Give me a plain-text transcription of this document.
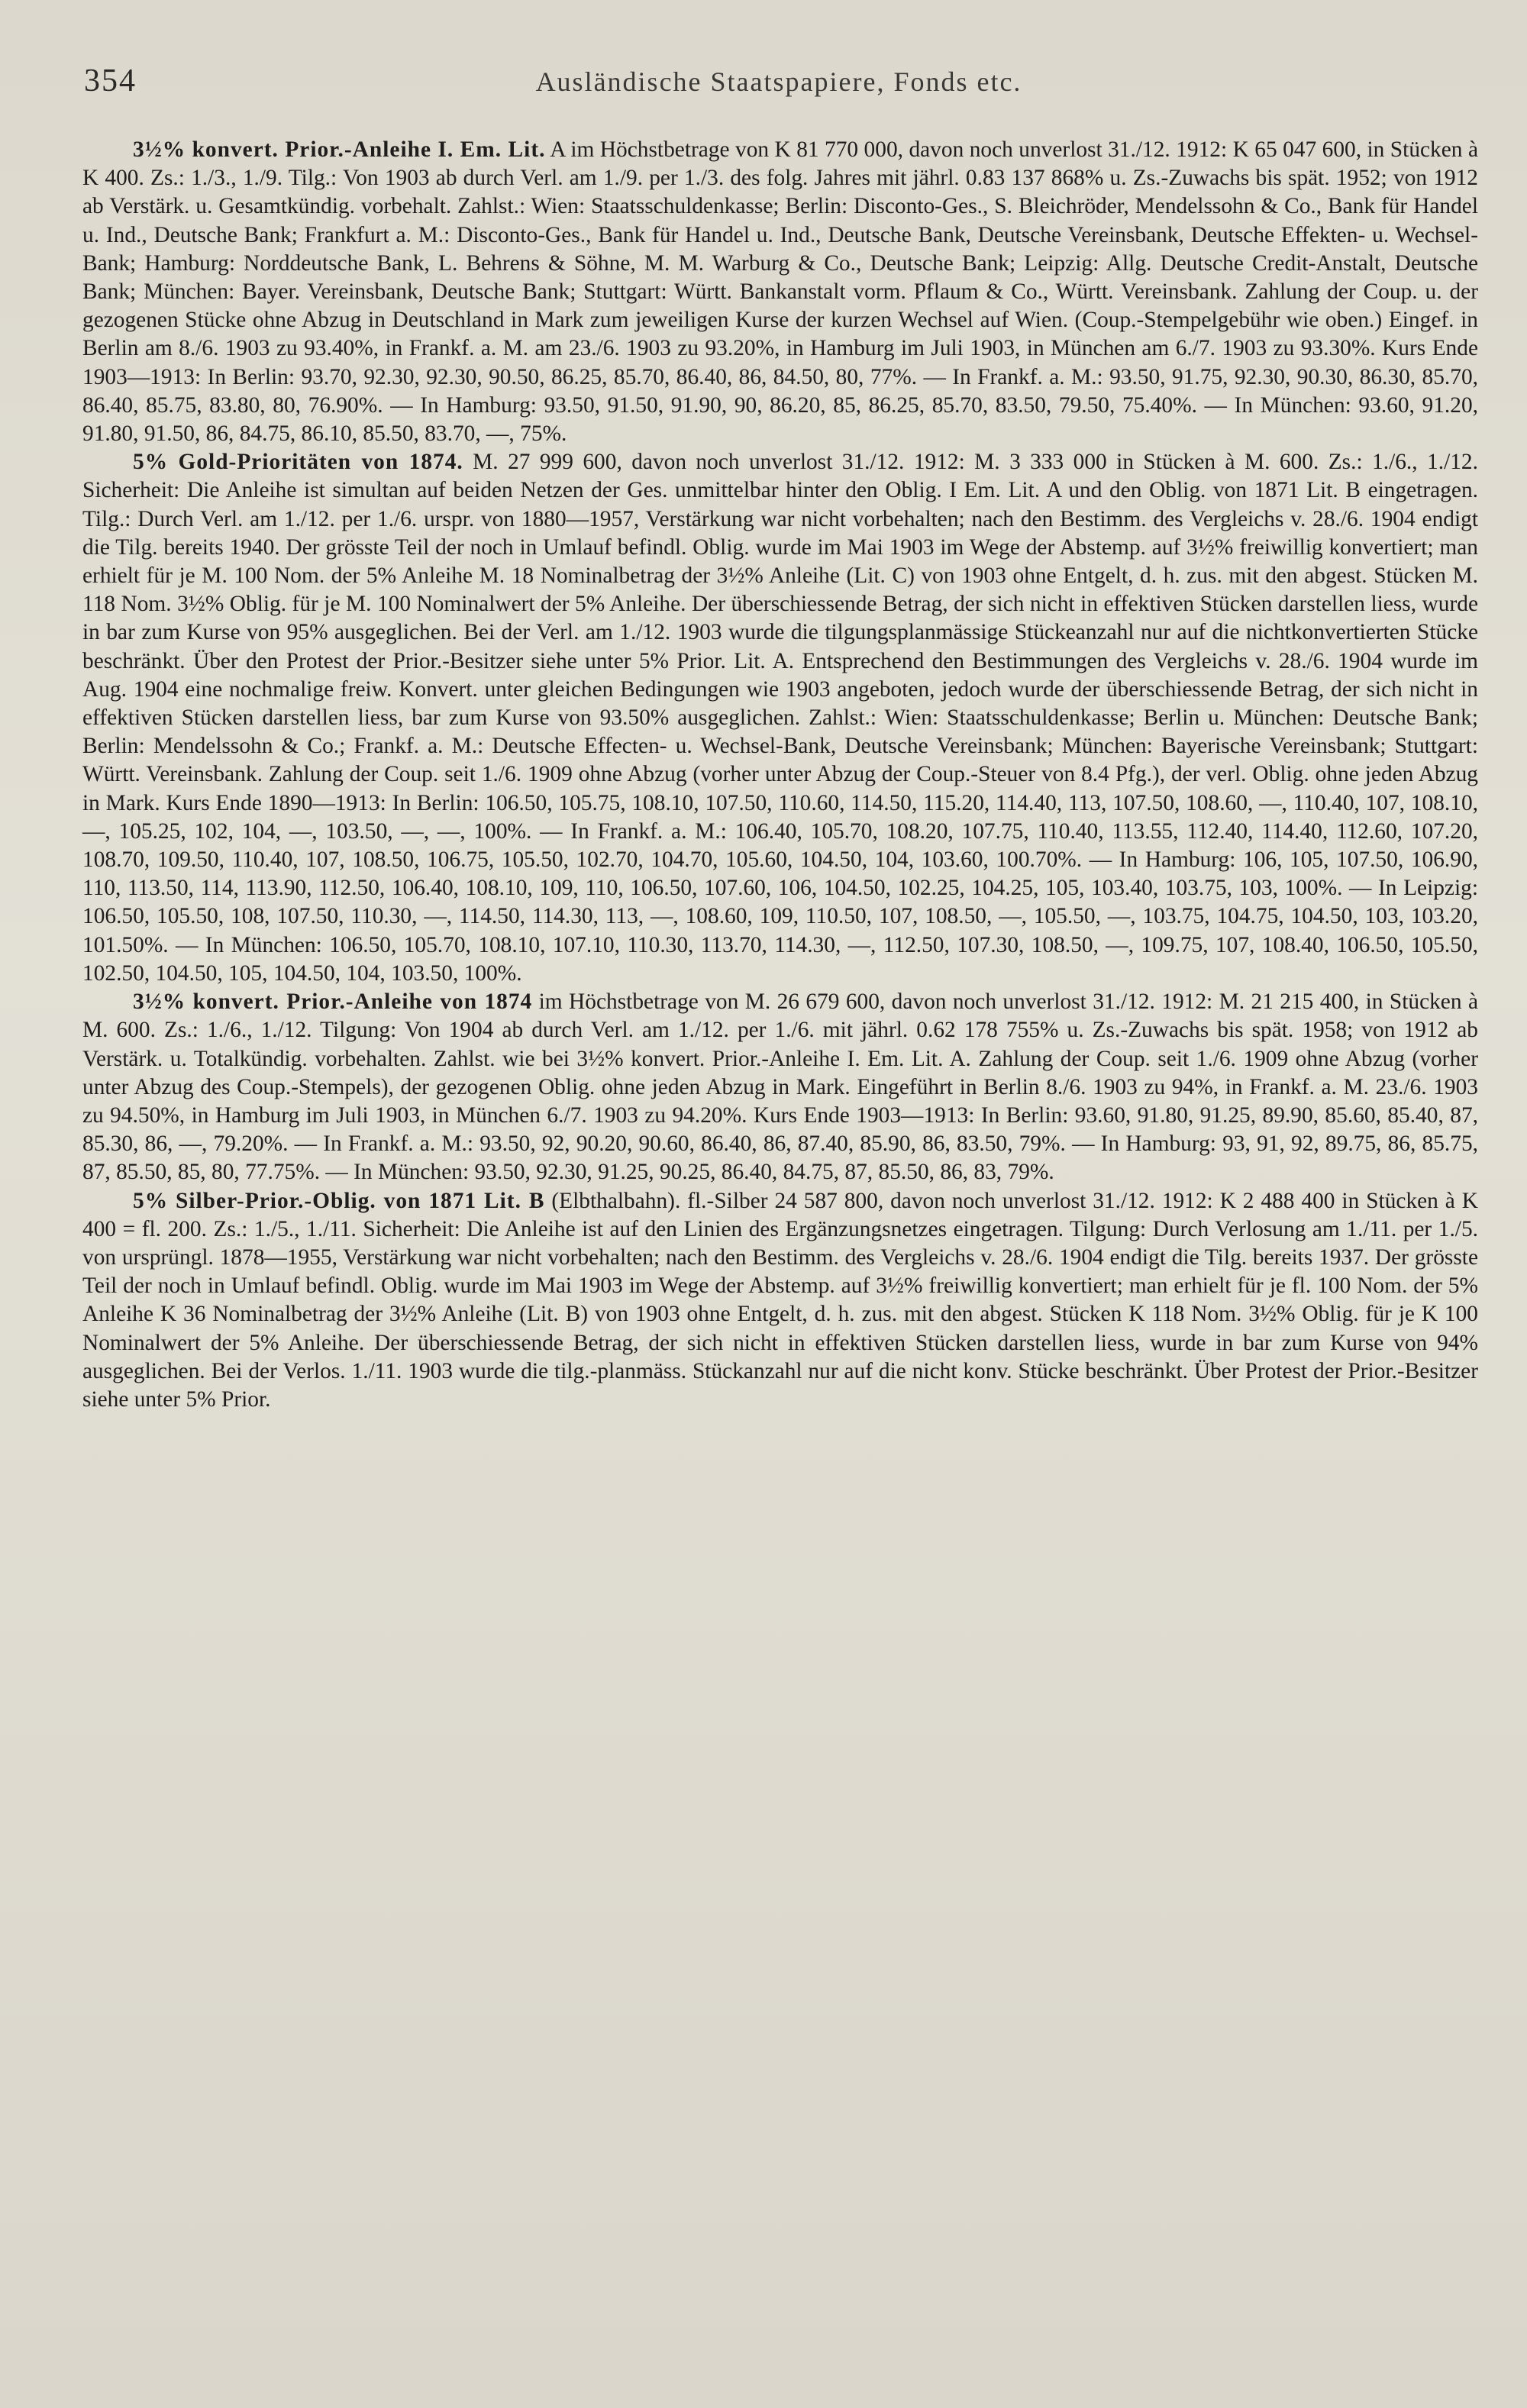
354	Ausländische Staatspapiere, Fonds etc.

3½% konvert. Prior.-Anleihe I. Em. Lit. A im Höchstbetrage von K 81 770 000, davon noch unverlost 31./12. 1912: K 65 047 600, in Stücken à K 400. Zs.: 1./3., 1./9. Tilg.: Von 1903 ab durch Verl. am 1./9. per 1./3. des folg. Jahres mit jährl. 0.83 137 868% u. Zs.-Zuwachs bis spät. 1952; von 1912 ab Verstärk. u. Gesamtkündig. vorbehalt. Zahlst.: Wien: Staatsschuldenkasse; Berlin: Disconto-Ges., S. Bleichröder, Mendelssohn & Co., Bank für Handel u. Ind., Deutsche Bank; Frankfurt a. M.: Disconto-Ges., Bank für Handel u. Ind., Deutsche Bank, Deutsche Vereinsbank, Deutsche Effekten- u. Wechsel-Bank; Hamburg: Norddeutsche Bank, L. Behrens & Söhne, M. M. Warburg & Co., Deutsche Bank; Leipzig: Allg. Deutsche Credit-Anstalt, Deutsche Bank; München: Bayer. Vereinsbank, Deutsche Bank; Stuttgart: Württ. Bankanstalt vorm. Pflaum & Co., Württ. Vereinsbank. Zahlung der Coup. u. der gezogenen Stücke ohne Abzug in Deutschland in Mark zum jeweiligen Kurse der kurzen Wechsel auf Wien. (Coup.-Stempelgebühr wie oben.) Eingef. in Berlin am 8./6. 1903 zu 93.40%, in Frankf. a. M. am 23./6. 1903 zu 93.20%, in Hamburg im Juli 1903, in München am 6./7. 1903 zu 93.30%. Kurs Ende 1903—1913: In Berlin: 93.70, 92.30, 92.30, 90.50, 86.25, 85.70, 86.40, 86, 84.50, 80, 77%. — In Frankf. a. M.: 93.50, 91.75, 92.30, 90.30, 86.30, 85.70, 86.40, 85.75, 83.80, 80, 76.90%. — In Hamburg: 93.50, 91.50, 91.90, 90, 86.20, 85, 86.25, 85.70, 83.50, 79.50, 75.40%. — In München: 93.60, 91.20, 91.80, 91.50, 86, 84.75, 86.10, 85.50, 83.70, —, 75%.

5% Gold-Prioritäten von 1874. M. 27 999 600, davon noch unverlost 31./12. 1912: M. 3 333 000 in Stücken à M. 600. Zs.: 1./6., 1./12. Sicherheit: Die Anleihe ist simultan auf beiden Netzen der Ges. unmittelbar hinter den Oblig. I Em. Lit. A und den Oblig. von 1871 Lit. B eingetragen. Tilg.: Durch Verl. am 1./12. per 1./6. urspr. von 1880—1957, Verstärkung war nicht vorbehalten; nach den Bestimm. des Vergleichs v. 28./6. 1904 endigt die Tilg. bereits 1940. Der grösste Teil der noch in Umlauf befindl. Oblig. wurde im Mai 1903 im Wege der Abstemp. auf 3½% freiwillig konvertiert; man erhielt für je M. 100 Nom. der 5% Anleihe M. 18 Nominalbetrag der 3½% Anleihe (Lit. C) von 1903 ohne Entgelt, d. h. zus. mit den abgest. Stücken M. 118 Nom. 3½% Oblig. für je M. 100 Nominalwert der 5% Anleihe. Der überschiessende Betrag, der sich nicht in effektiven Stücken darstellen liess, wurde in bar zum Kurse von 95% ausgeglichen. Bei der Verl. am 1./12. 1903 wurde die tilgungsplanmässige Stückeanzahl nur auf die nichtkonvertierten Stücke beschränkt. Über den Protest der Prior.-Besitzer siehe unter 5% Prior. Lit. A. Entsprechend den Bestimmungen des Vergleichs v. 28./6. 1904 wurde im Aug. 1904 eine nochmalige freiw. Konvert. unter gleichen Bedingungen wie 1903 angeboten, jedoch wurde der überschiessende Betrag, der sich nicht in effektiven Stücken darstellen liess, bar zum Kurse von 93.50% ausgeglichen. Zahlst.: Wien: Staatsschuldenkasse; Berlin u. München: Deutsche Bank; Berlin: Mendelssohn & Co.; Frankf. a. M.: Deutsche Effecten- u. Wechsel-Bank, Deutsche Vereinsbank; München: Bayerische Vereinsbank; Stuttgart: Württ. Vereinsbank. Zahlung der Coup. seit 1./6. 1909 ohne Abzug (vorher unter Abzug der Coup.-Steuer von 8.4 Pfg.), der verl. Oblig. ohne jeden Abzug in Mark. Kurs Ende 1890—1913: In Berlin: 106.50, 105.75, 108.10, 107.50, 110.60, 114.50, 115.20, 114.40, 113, 107.50, 108.60, —, 110.40, 107, 108.10, —, 105.25, 102, 104, —, 103.50, —, —, 100%. — In Frankf. a. M.: 106.40, 105.70, 108.20, 107.75, 110.40, 113.55, 112.40, 114.40, 112.60, 107.20, 108.70, 109.50, 110.40, 107, 108.50, 106.75, 105.50, 102.70, 104.70, 105.60, 104.50, 104, 103.60, 100.70%. — In Hamburg: 106, 105, 107.50, 106.90, 110, 113.50, 114, 113.90, 112.50, 106.40, 108.10, 109, 110, 106.50, 107.60, 106, 104.50, 102.25, 104.25, 105, 103.40, 103.75, 103, 100%. — In Leipzig: 106.50, 105.50, 108, 107.50, 110.30, —, 114.50, 114.30, 113, —, 108.60, 109, 110.50, 107, 108.50, —, 105.50, —, 103.75, 104.75, 104.50, 103, 103.20, 101.50%. — In München: 106.50, 105.70, 108.10, 107.10, 110.30, 113.70, 114.30, —, 112.50, 107.30, 108.50, —, 109.75, 107, 108.40, 106.50, 105.50, 102.50, 104.50, 105, 104.50, 104, 103.50, 100%.

3½% konvert. Prior.-Anleihe von 1874 im Höchstbetrage von M. 26 679 600, davon noch unverlost 31./12. 1912: M. 21 215 400, in Stücken à M. 600. Zs.: 1./6., 1./12. Tilgung: Von 1904 ab durch Verl. am 1./12. per 1./6. mit jährl. 0.62 178 755% u. Zs.-Zuwachs bis spät. 1958; von 1912 ab Verstärk. u. Totalkündig. vorbehalten. Zahlst. wie bei 3½% konvert. Prior.-Anleihe I. Em. Lit. A. Zahlung der Coup. seit 1./6. 1909 ohne Abzug (vorher unter Abzug des Coup.-Stempels), der gezogenen Oblig. ohne jeden Abzug in Mark. Eingeführt in Berlin 8./6. 1903 zu 94%, in Frankf. a. M. 23./6. 1903 zu 94.50%, in Hamburg im Juli 1903, in München 6./7. 1903 zu 94.20%. Kurs Ende 1903—1913: In Berlin: 93.60, 91.80, 91.25, 89.90, 85.60, 85.40, 87, 85.30, 86, —, 79.20%. — In Frankf. a. M.: 93.50, 92, 90.20, 90.60, 86.40, 86, 87.40, 85.90, 86, 83.50, 79%. — In Hamburg: 93, 91, 92, 89.75, 86, 85.75, 87, 85.50, 85, 80, 77.75%. — In München: 93.50, 92.30, 91.25, 90.25, 86.40, 84.75, 87, 85.50, 86, 83, 79%.

5% Silber-Prior.-Oblig. von 1871 Lit. B (Elbthalbahn). fl.-Silber 24 587 800, davon noch unverlost 31./12. 1912: K 2 488 400 in Stücken à K 400 = fl. 200. Zs.: 1./5., 1./11. Sicherheit: Die Anleihe ist auf den Linien des Ergänzungsnetzes eingetragen. Tilgung: Durch Verlosung am 1./11. per 1./5. von ursprüngl. 1878—1955, Verstärkung war nicht vorbehalten; nach den Bestimm. des Vergleichs v. 28./6. 1904 endigt die Tilg. bereits 1937. Der grösste Teil der noch in Umlauf befindl. Oblig. wurde im Mai 1903 im Wege der Abstemp. auf 3½% freiwillig konvertiert; man erhielt für je fl. 100 Nom. der 5% Anleihe K 36 Nominalbetrag der 3½% Anleihe (Lit. B) von 1903 ohne Entgelt, d. h. zus. mit den abgest. Stücken K 118 Nom. 3½% Oblig. für je K 100 Nominalwert der 5% Anleihe. Der überschiessende Betrag, der sich nicht in effektiven Stücken darstellen liess, wurde in bar zum Kurse von 94% ausgeglichen. Bei der Verlos. 1./11. 1903 wurde die tilg.-planmäss. Stückanzahl nur auf die nicht konv. Stücke beschränkt. Über Protest der Prior.-Besitzer siehe unter 5% Prior.
